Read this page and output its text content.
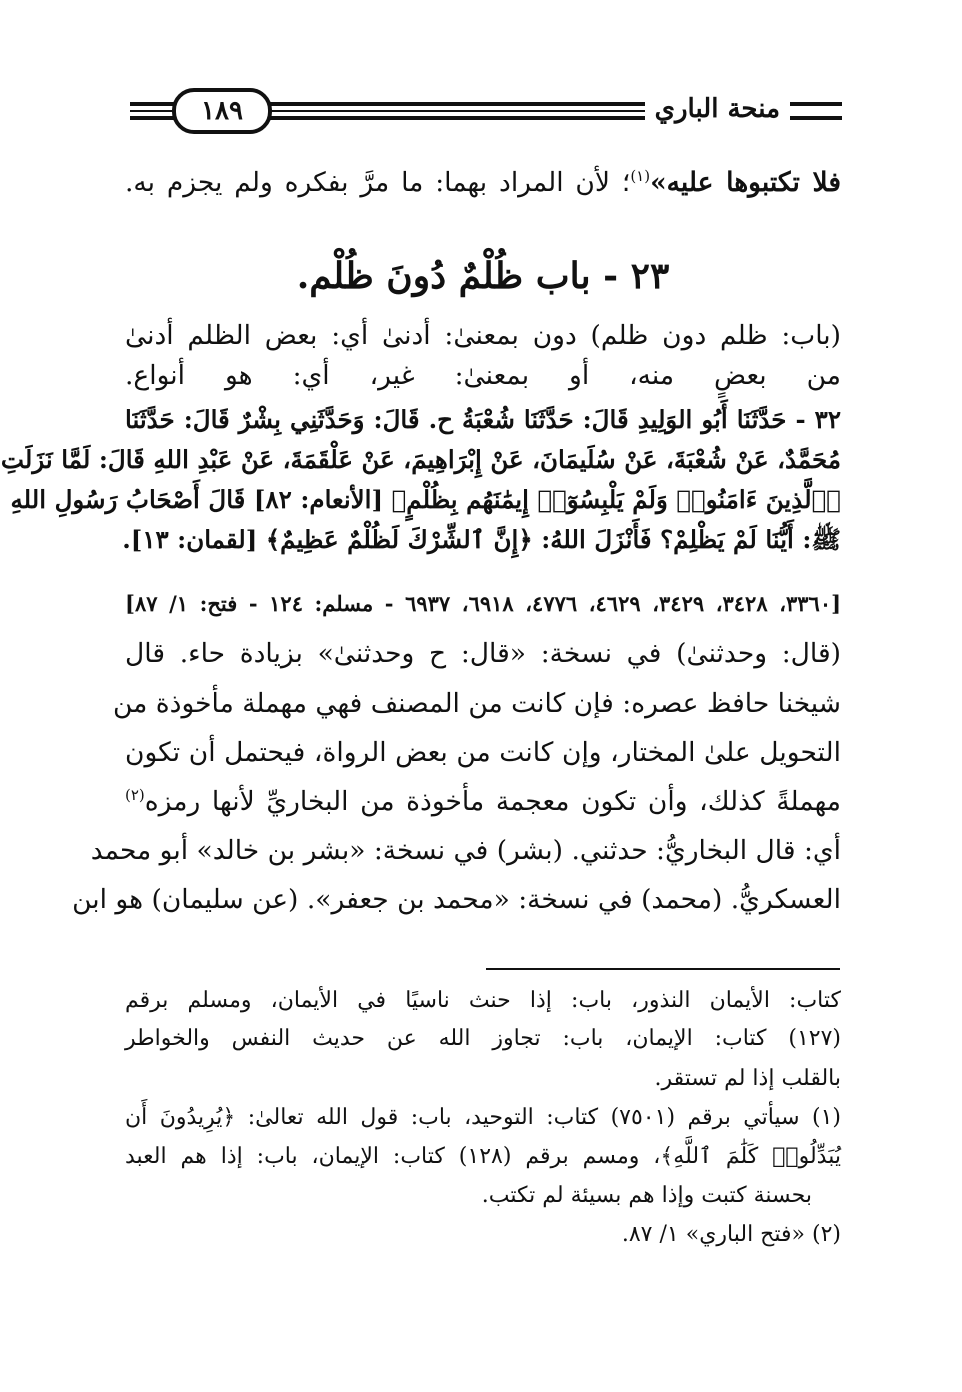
منحة الباري
١٨٩
فلا تكتبوها عليه»$^{(١)}$؛ لأن المراد بهما: ما مرَّ بفكره ولم يجزم به.
٢٣ - باب ظُلْمٌ دُونَ ظُلْم.
(باب: ظلم دون ظلم) دون بمعنىٰ: أدنىٰ أي: بعض الظلم أدنىٰ
من بعضٍ منه، أو بمعنىٰ: غير، أي: هو أنواع.
٣٢ - حَدَّثَنَا أَبُو الوَلِيدِ قَالَ: حَدَّثَنَا شُعْبَةُ ح. قَالَ: وَحَدَّثَنِي بِشْرٌ قَالَ: حَدَّثَنَا
مُحَمَّدٌ، عَنْ شُعْبَةَ، عَنْ سُلَيمَانَ، عَنْ إِبْرَاهِيمَ، عَنْ عَلْقَمَةَ، عَنْ عَبْدِ اللهِ قَالَ: لَمَّا نَزَلَتِ
﴿ٱلَّذِينَ ءَامَنُوا۟ وَلَمْ يَلْبِسُوٓا۟ إِيمَٰنَهُم بِظُلْمٍ﴾ [الأنعام: ٨٢] قَالَ أَصْحَابُ رَسُولِ اللهِ
ﷺ: أَيُّنَا لَمْ يَظْلِمْ؟ فَأَنْزَلَ اللهُ: ﴿إِنَّ ٱلشِّرْكَ لَظُلْمٌ عَظِيمٌ﴾ [لقمان: ١٣].
[٣٣٦٠، ٣٤٢٨، ٣٤٢٩، ٤٦٢٩، ٤٧٧٦، ٦٩١٨، ٦٩٣٧ - مسلم: ١٢٤ - فتح: ١/ ٨٧]
(قال: وحدثنىٰ) في نسخة: «قال: ح وحدثنىٰ» بزيادة حاء. قال
شيخنا حافظ عصره: فإن كانت من المصنف فهي مهملة مأخوذة من
التحويل علىٰ المختار، وإن كانت من بعض الرواة، فيحتمل أن تكون
مهملةً كذلك، وأن تكون معجمة مأخوذة من البخاريِّ لأنها رمزه$^{(٢)}$
أي: قال البخاريُّ: حدثني. (بشر) في نسخة: «بشر بن خالد» أبو محمد
العسكريُّ. (محمد) في نسخة: «محمد بن جعفر». (عن سليمان) هو ابن
كتاب: الأيمان النذور، باب: إذا حنث ناسيًا في الأيمان، ومسلم برقم
(١٢٧) كتاب: الإيمان، باب: تجاوز الله عن حديث النفس والخواطر
بالقلب إذا لم تستقر.
(١) سيأتي برقم (٧٥٠١) كتاب: التوحيد، باب: قول الله تعالىٰ: ﴿يُرِيدُونَ أَن
يُبَدِّلُوا۟ كَلَٰمَ ٱللَّهِ﴾، ومسم برقم (١٢٨) كتاب: الإيمان، باب: إذا هم العبد
بحسنة كتبت وإذا هم بسيئة لم تكتب.
(٢) «فتح الباري» ١/ ٨٧.
